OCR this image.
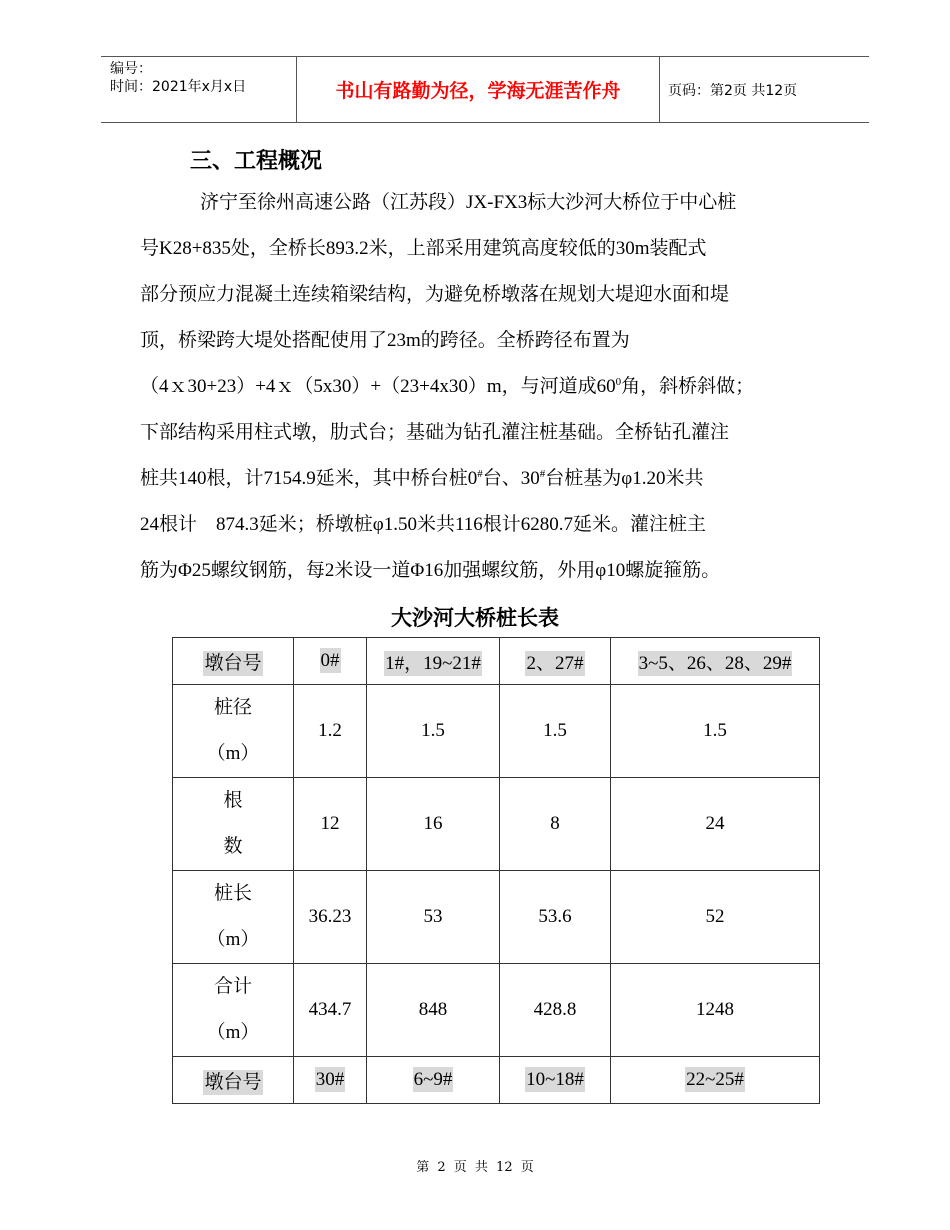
编号：
时间：2021年x月x日	书山有路勤为径，学海无涯苦作舟	页码：第2页 共12页
三、工程概况
济宁至徐州高速公路（江苏段）JX-FX3标大沙河大桥位于中心桩
号K28+835处，全桥长893.2米，上部采用建筑高度较低的30m装配式
部分预应力混凝土连续箱梁结构，为避免桥墩落在规划大堤迎水面和堤
顶，桥梁跨大堤处搭配使用了23m的跨径。全桥跨径布置为
（4ｘ30+23）+4ｘ（5x30）+（23+4x30）m，与河道成$60^0$角，斜桥斜做；
下部结构采用柱式墩，肋式台；基础为钻孔灌注桩基础。全桥钻孔灌注
桩共140根，计7154.9延米，其中桥台桩0#台、30#台桩基为φ1.20米共
24根计　874.3延米；桥墩桩φ1.50米共116根计6280.7延米。灌注桩主
筋为Φ25螺纹钢筋，每2米设一道Φ16加强螺纹筋，外用φ10螺旋箍筋。
大沙河大桥桩长表
墩台号	0#	1#，19~21#	2、27#	3~5、26、28、29#
桩径
（m）	1.2	1.5	1.5	1.5
根
数	12	16	8	24
桩长
（m）	36.23	53	53.6	52
合计
（m）	434.7	848	428.8	1248
墩台号	30#	6~9#	10~18#	22~25#
第 2 页 共 12 页
